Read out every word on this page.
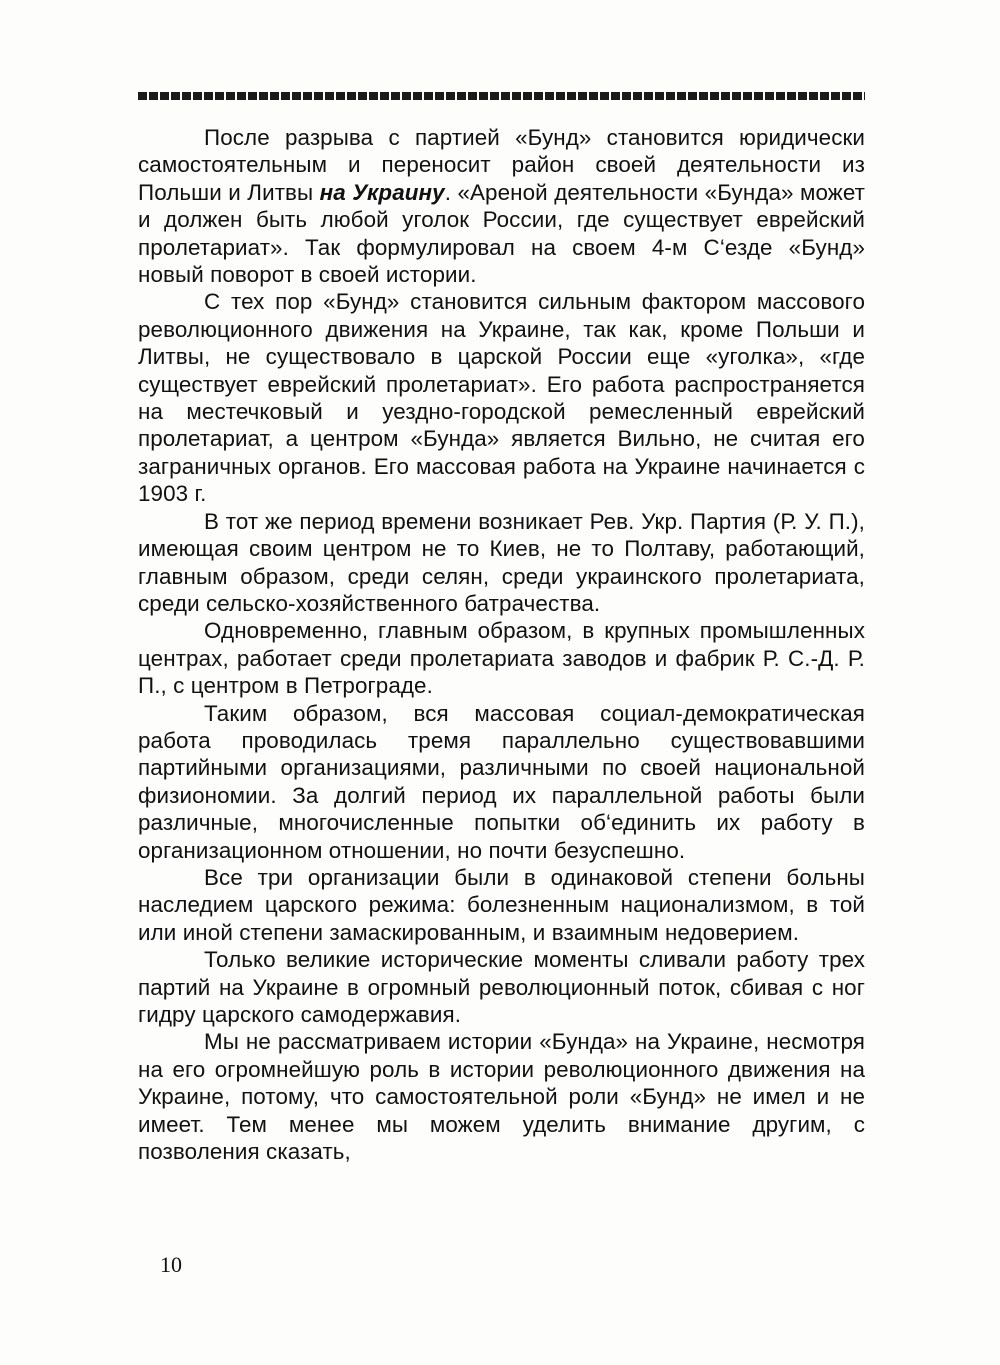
После разрыва с партией «Бунд» становится юридически самостоятельным и переносит район своей деятельности из Польши и Литвы на Украину. «Ареной деятельности «Бунда» может и должен быть любой уголок России, где существует еврейский пролетариат». Так формулировал на своем 4-м С‘езде «Бунд» новый поворот в своей истории.

С тех пор «Бунд» становится сильным фактором массового революционного движения на Украине, так как, кроме Польши и Литвы, не существовало в царской России еще «уголка», «где существует еврейский пролетариат». Его работа распространяется на местечковый и уездно-городской ремесленный еврейский пролетариат, а центром «Бунда» является Вильно, не считая его заграничных органов. Его массовая работа на Украине начинается с 1903 г.

В тот же период времени возникает Рев. Укр. Партия (Р. У. П.), имеющая своим центром не то Киев, не то Полтаву, работающий, главным образом, среди селян, среди украинского пролетариата, среди сельско-хозяйственного батрачества.

Одновременно, главным образом, в крупных промышленных центрах, работает среди пролетариата заводов и фабрик Р. С.-Д. Р. П., с центром в Петрограде.

Таким образом, вся массовая социал-демократическая работа проводилась тремя параллельно существовавшими партийными организациями, различными по своей национальной физиономии. За долгий период их параллельной работы были различные, многочисленные попытки об‘единить их работу в организационном отношении, но почти безуспешно.

Все три организации были в одинаковой степени больны наследием царского режима: болезненным национализмом, в той или иной степени замаскированным, и взаимным недоверием.

Только великие исторические моменты сливали работу трех партий на Украине в огромный революционный поток, сбивая с ног гидру царского самодержавия.

Мы не рассматриваем истории «Бунда» на Украине, несмотря на его огромнейшую роль в истории революционного движения на Украине, потому, что самостоятельной роли «Бунд» не имел и не имеет. Тем менее мы можем уделить внимание другим, с позволения сказать,

10
